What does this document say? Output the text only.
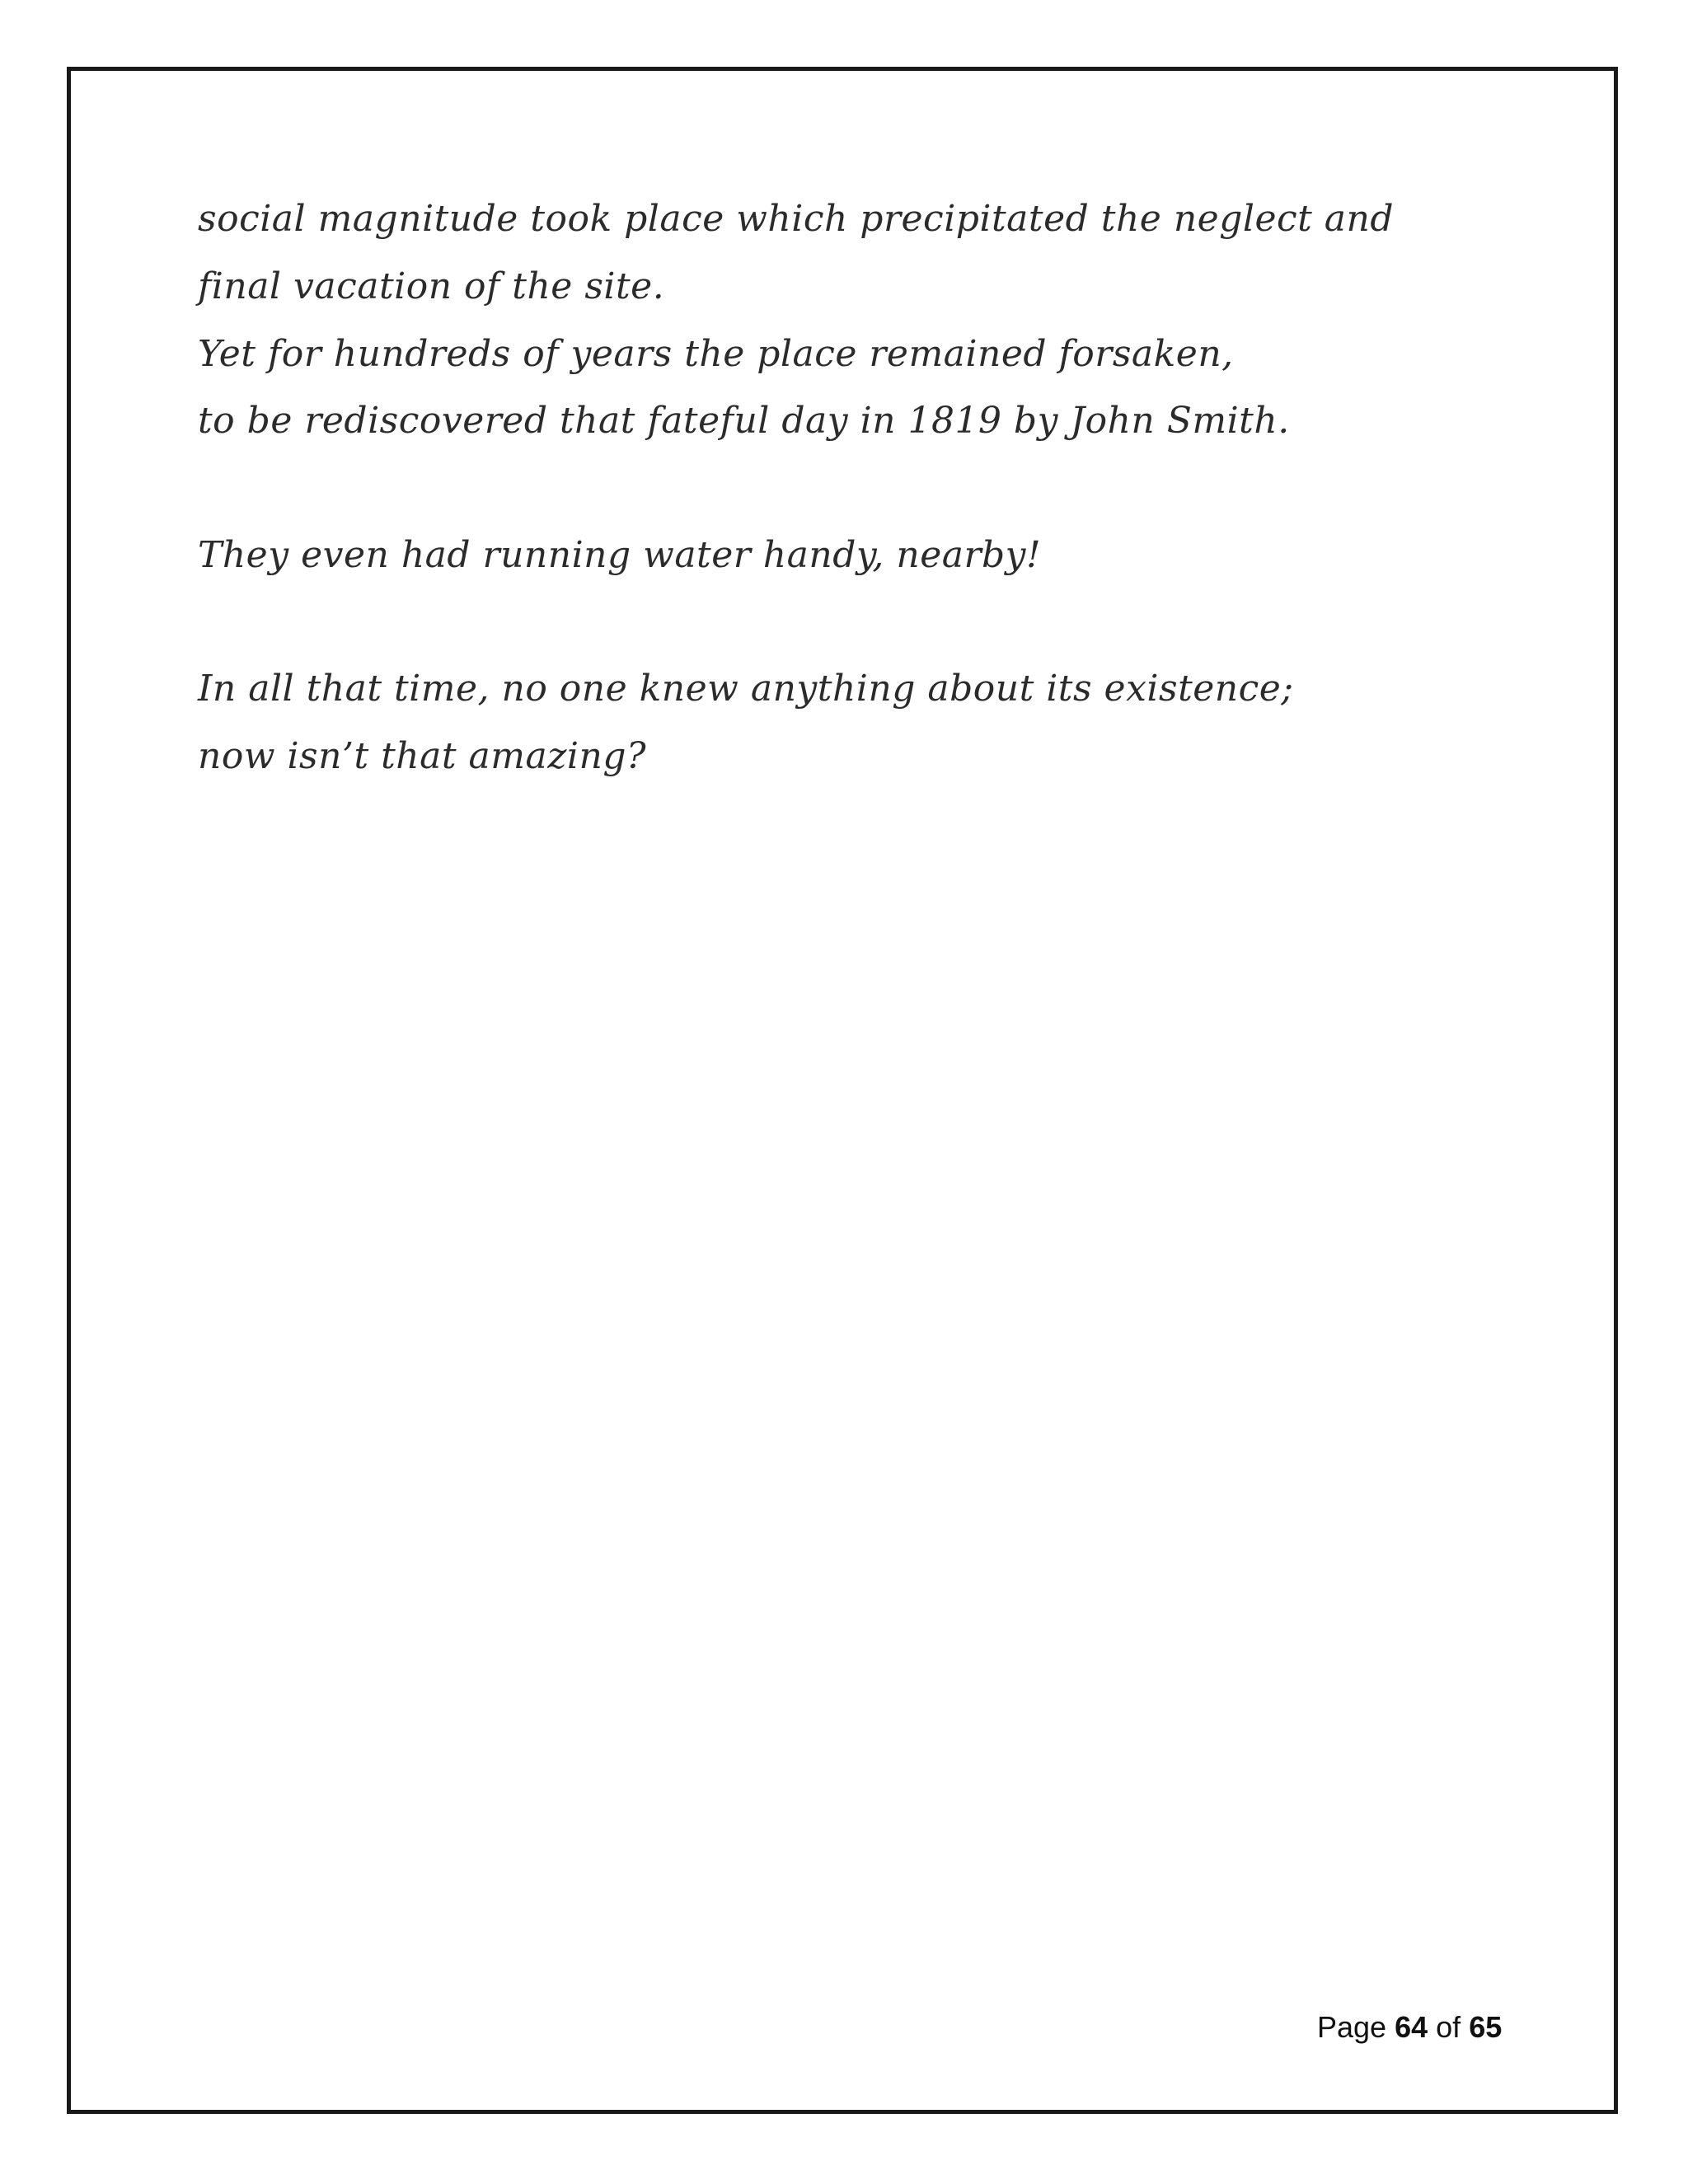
social magnitude took place which precipitated the neglect and
final vacation of the site.
Yet for hundreds of years the place remained forsaken,
to be rediscovered that fateful day in 1819 by John Smith.
They even had running water handy, nearby!
In all that time, no one knew anything about its existence;
now isn’t that amazing?
Page 64 of 65
